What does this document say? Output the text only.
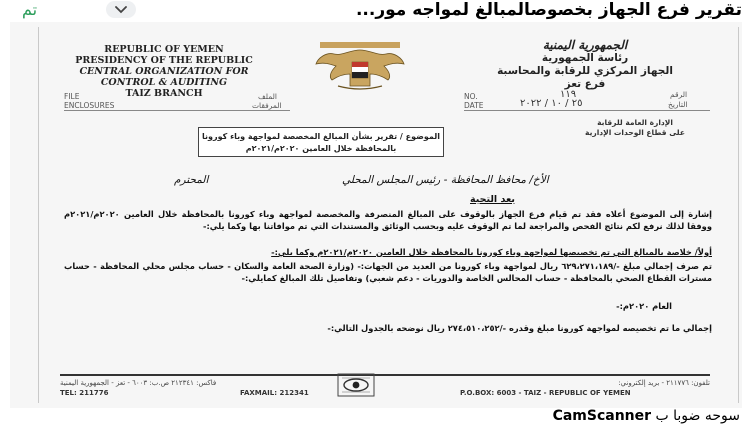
تم	تقرير فرع الجهاز بخصوصالمبالغ لمواجه مور...
REPUBLIC OF YEMEN
PRESIDENCY OF THE REPUBLIC
CENTRAL ORGANIZATION FOR
CONTROL & AUDITING
TAIZ BRANCH
الجمهورية اليمنية
رئاسة الجمهورية
الجهاز المركزي للرقابة والمحاسبة
فرع تعز
FILE
ENCLOSURES
الملف
المرفقات
NO.
DATE
١١٩
٢٥ / ١٠ / ٢٠٢٢
الرقم
التاريخ
الإدارة العامة للرقابة
على قطاع الوحدات الإدارية
الموضوع / تقرير بشأن المبالغ المخصصة لمواجهة وباء كورونا
بالمحافظة خلال العامين ٢٠٢٠م/٢٠٢١م
الأخ/ محافظ المحافظة - رئيس المجلس المحلي
المحترم
بعد التحية
إشارة إلى الموضوع أعلاه فقد تم قيام فرع الجهاز بالوقوف على المبالغ المنصرفة والمخصصة لمواجهة وباء كورونا بالمحافظة خلال العامين ٢٠٢٠م/٢٠٢١م ووفقا لذلك نرفع لكم نتائج الفحص والمراجعة لما تم الوقوف عليه وبحسب الوثائق والمستندات التي تم موافاتنا بها وكما يلي:-
أولاً/ خلاصة بالمبالغ التي تم تخصيصها لمواجهة وباء كورونا بالمحافظة خلال العامين ٢٠٢٠م/٢٠٢١م وكما يلي:-
تم صرف إجمالي مبلغ -/٦٢٩،٢٧١،١٨٩ ريال لمواجهة وباء كورونا من العديد من الجهات:- (وزارة الصحة العامة والسكان - حساب مجلس محلي المحافظة - حساب مسترات القطاع الصحي بالمحافظة - حساب المحالس الخاصة والدوريات - دعم شعبي) وتفاصيل تلك المبالغ كمايلي:-
العام ٢٠٢٠م:-
إجمالي ما تم تخصيصه لمواجهة كورونا مبلغ وقدره -/٢٧٤،٥١٠،٢٥٢ ريال نوضحه بالجدول التالي:-
فاكس: ٢١٢٣٤١ ص.ب: ٦٠٠٣ - تعز - الجمهورية اليمنية	تلفون: ٢١١٧٧٦ - بريد إلكتروني:
TEL: 211776	FAXMAIL: 212341	P.O.BOX: 6003 - TAIZ - REPUBLIC OF YEMEN
سوحه ضوبا ب CamScanner
